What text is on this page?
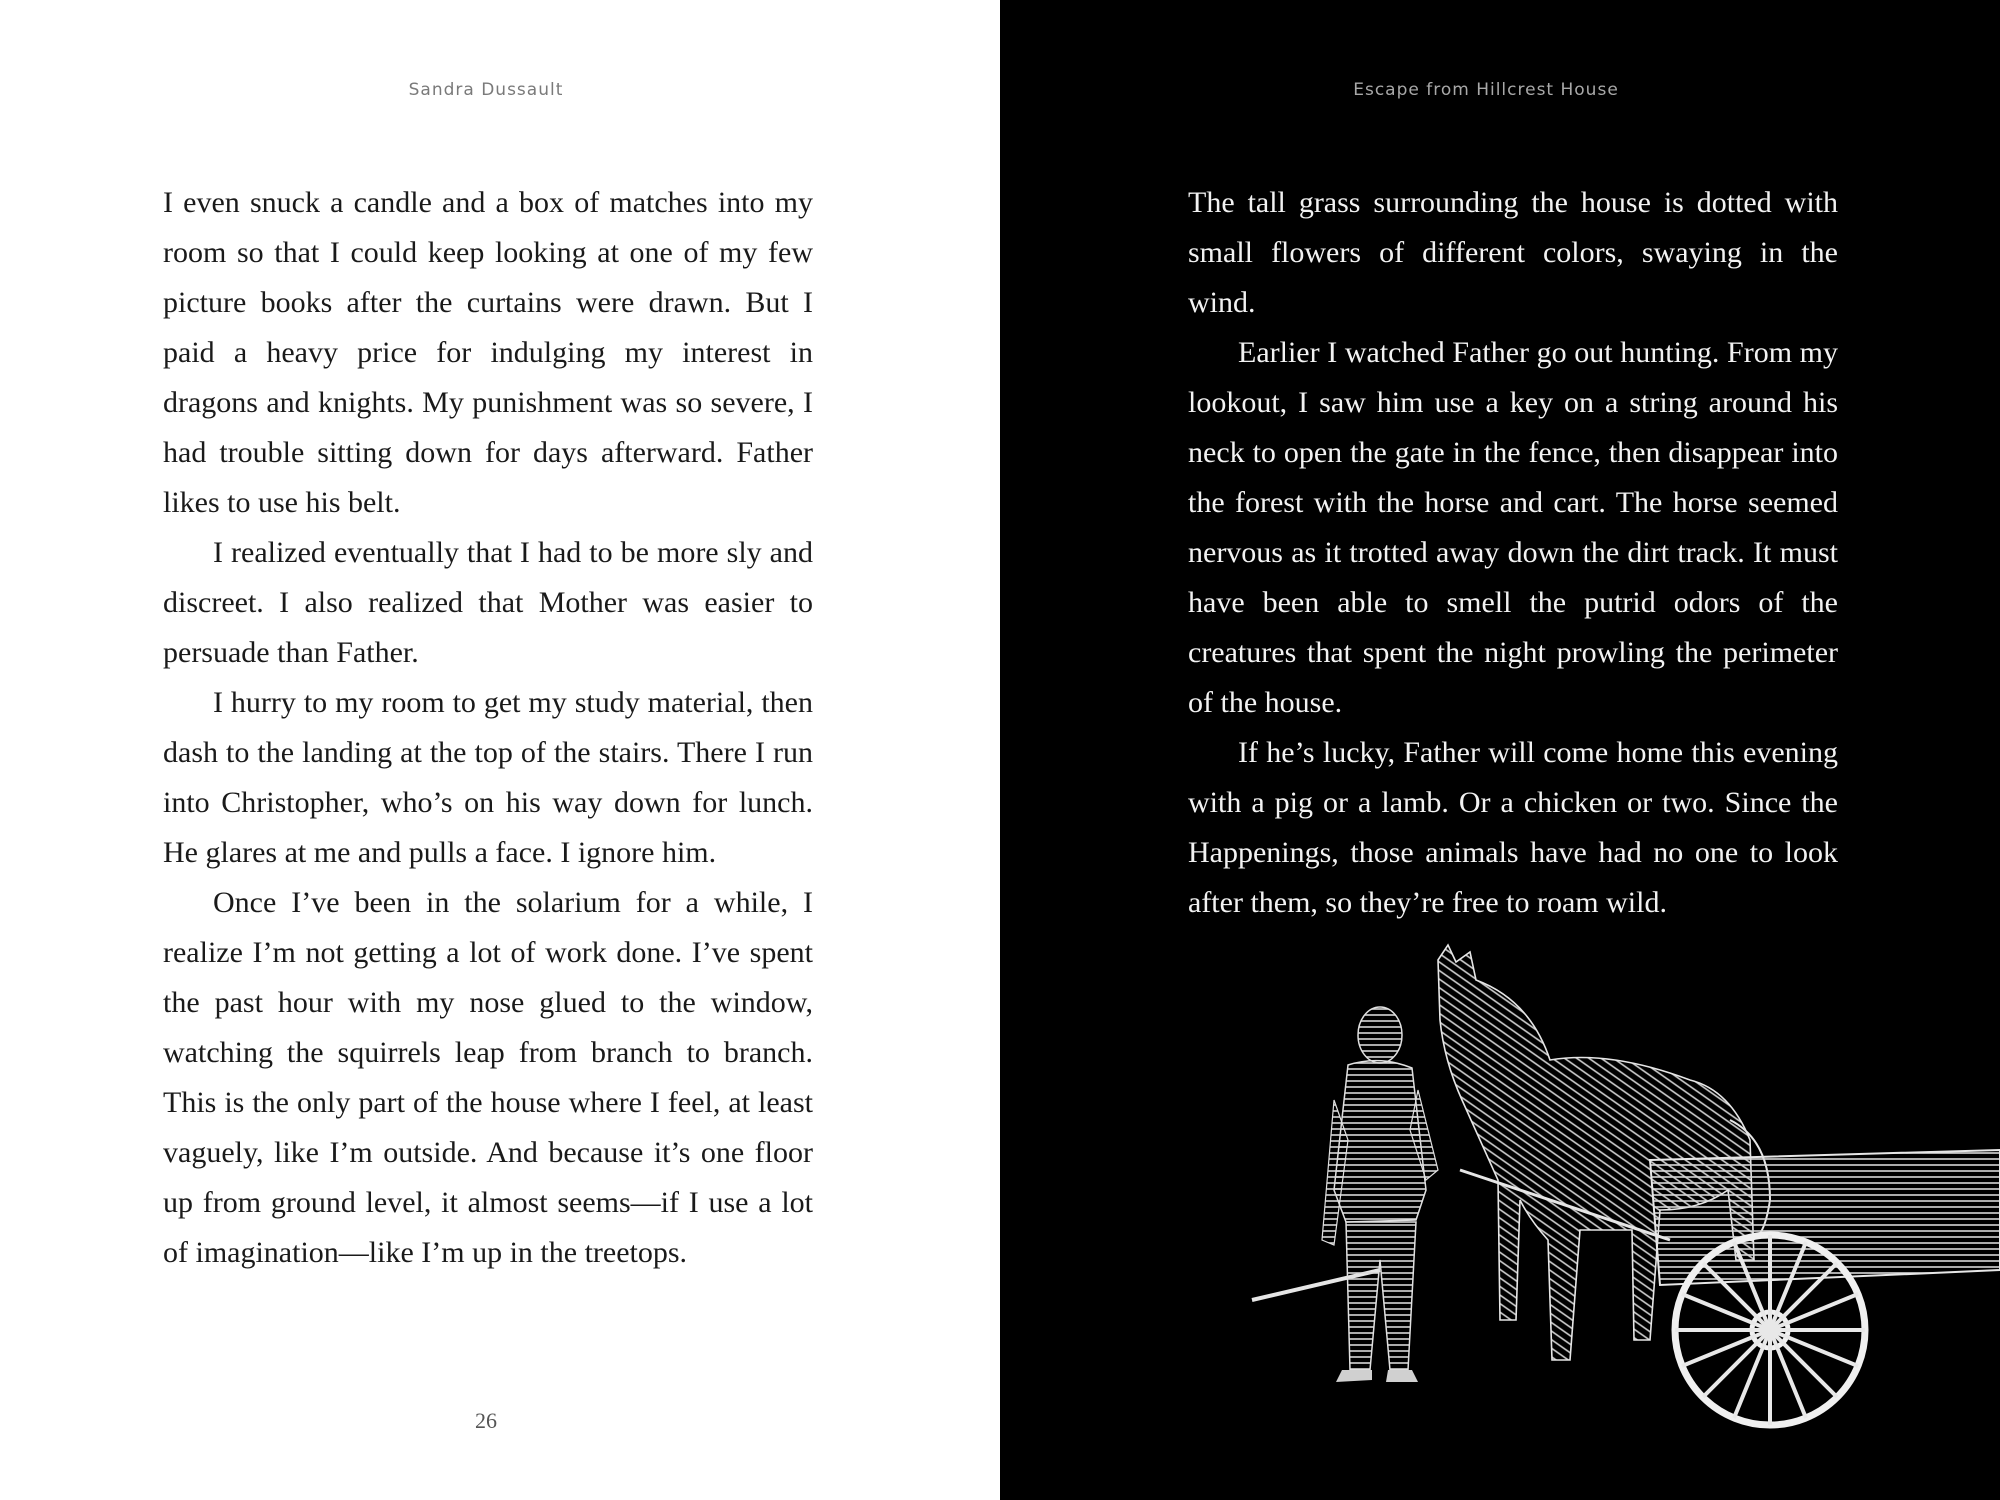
Sandra Dussault

I even snuck a candle and a box of matches into my room so that I could keep looking at one of my few picture books after the curtains were drawn. But I paid a heavy price for indulging my interest in dragons and knights. My punishment was so severe, I had trouble sitting down for days afterward. Father likes to use his belt.

I realized eventually that I had to be more sly and discreet. I also realized that Mother was easier to persuade than Father.

I hurry to my room to get my study material, then dash to the landing at the top of the stairs. There I run into Christopher, who’s on his way down for lunch. He glares at me and pulls a face. I ignore him.

Once I’ve been in the solarium for a while, I realize I’m not getting a lot of work done. I’ve spent the past hour with my nose glued to the window, watching the squirrels leap from branch to branch. This is the only part of the house where I feel, at least vaguely, like I’m outside. And because it’s one floor up from ground level, it almost seems—if I use a lot of imagination—like I’m up in the treetops.

26
Escape from Hillcrest House

The tall grass surrounding the house is dotted with small flowers of different colors, swaying in the wind.

Earlier I watched Father go out hunting. From my lookout, I saw him use a key on a string around his neck to open the gate in the fence, then disappear into the forest with the horse and cart. The horse seemed nervous as it trotted away down the dirt track. It must have been able to smell the putrid odors of the creatures that spent the night prowling the perimeter of the house.

If he’s lucky, Father will come home this evening with a pig or a lamb. Or a chicken or two. Since the Happenings, those animals have had no one to look after them, so they’re free to roam wild.
